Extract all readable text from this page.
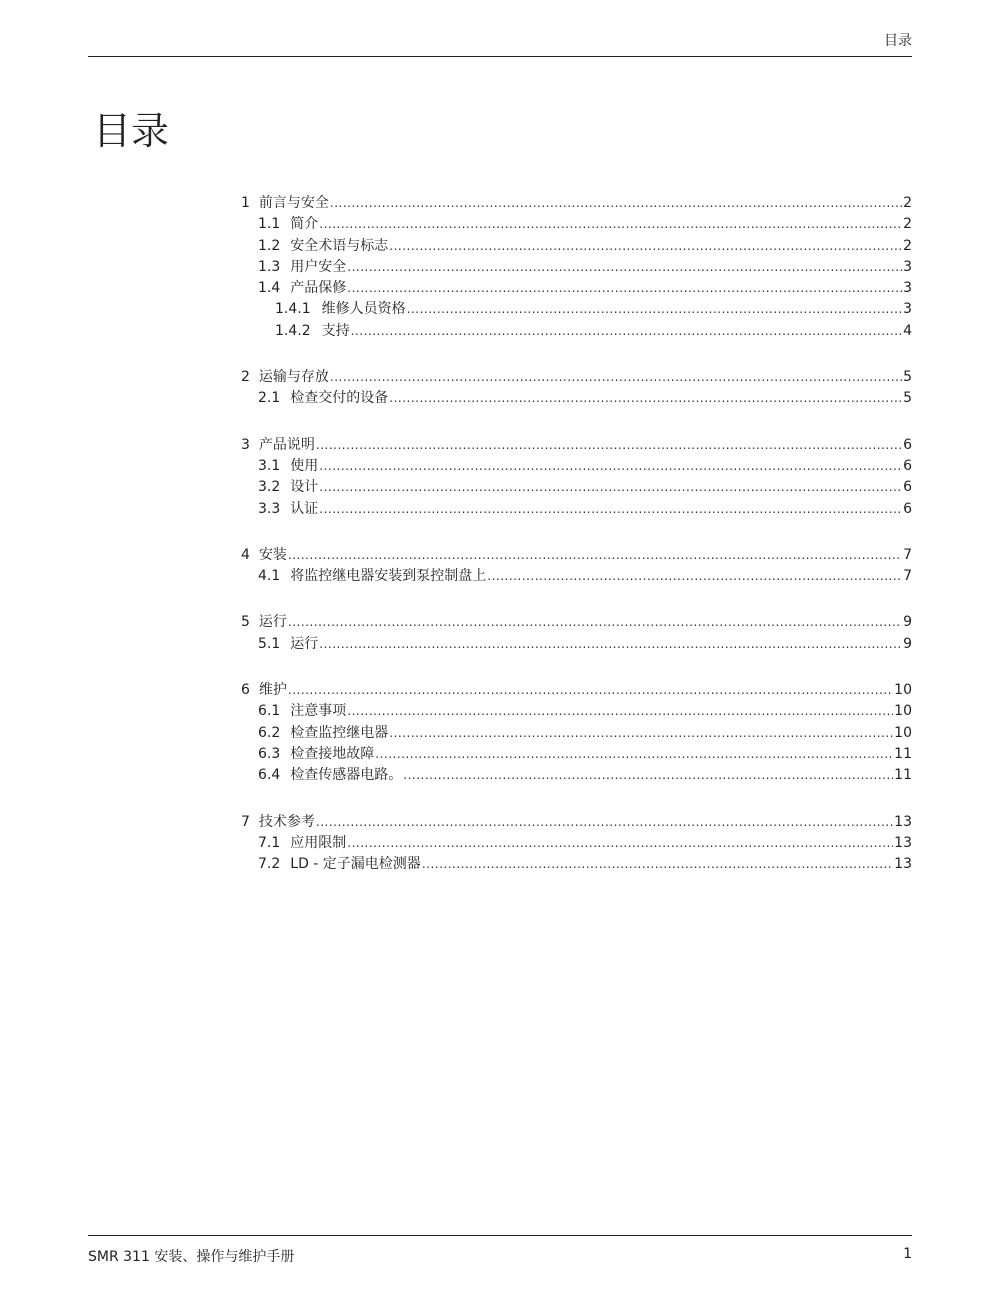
目录
目录
1 前言与安全 .....	2
1.1 简介 .....	2
1.2 安全术语与标志 .....	2
1.3 用户安全 .....	3
1.4 产品保修 .....	3
1.4.1 维修人员资格 .....	3
1.4.2 支持 .....	4
2 运输与存放 .....	5
2.1 检查交付的设备 .....	5
3 产品说明 .....	6
3.1 使用 .....	6
3.2 设计 .....	6
3.3 认证 .....	6
4 安装 .....	7
4.1 将监控继电器安装到泵控制盘上 .....	7
5 运行 .....	9
5.1 运行 .....	9
6 维护 .....	10
6.1 注意事项 .....	10
6.2 检查监控继电器 .....	10
6.3 检查接地故障 .....	11
6.4 检查传感器电路。 .....	11
7 技术参考 .....	13
7.1 应用限制 .....	13
7.2 LD - 定子漏电检测器 .....	13
SMR 311 安装、操作与维护手册	1
